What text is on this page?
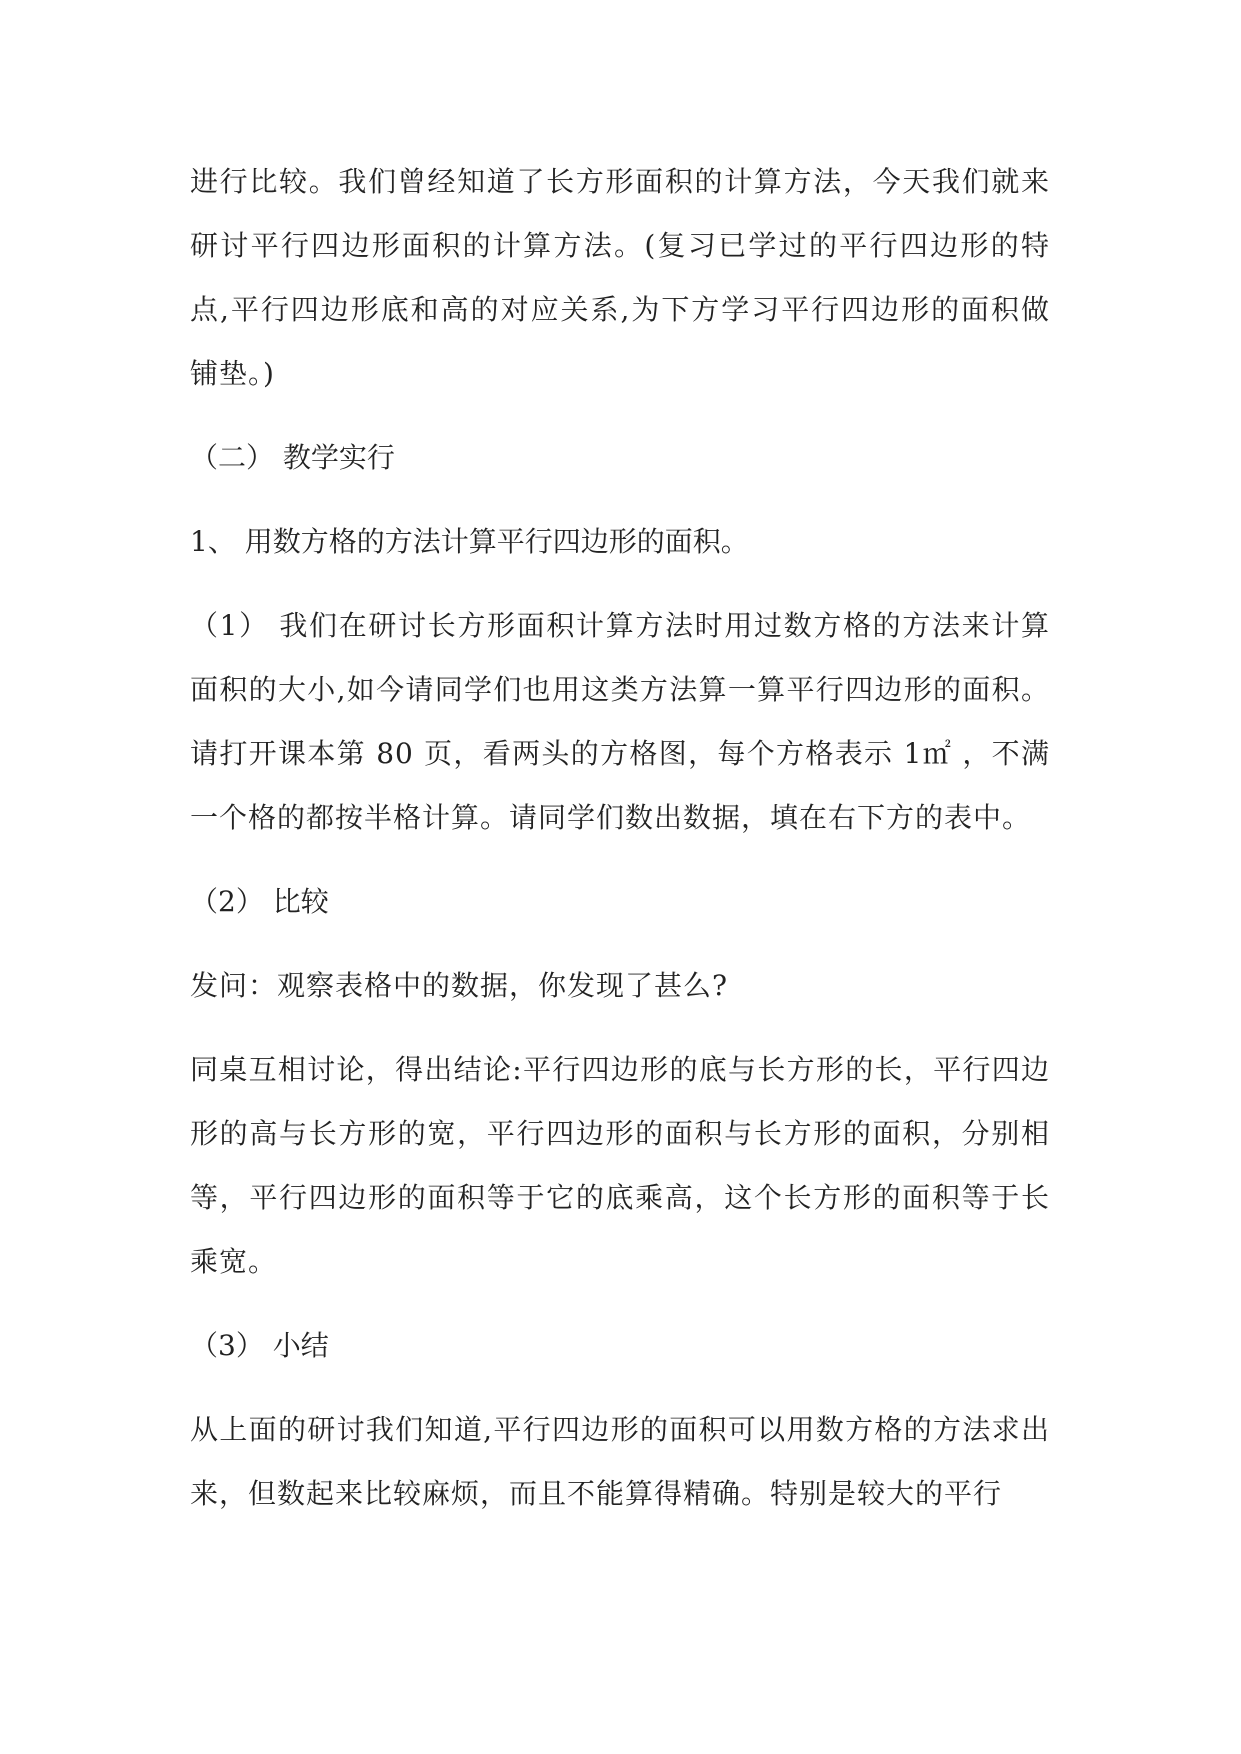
进行比较。我们曾经知道了长方形面积的计算方法，今天我们就来研讨平行四边形面积的计算方法。(复习已学过的平行四边形的特点,平行四边形底和高的对应关系,为下方学习平行四边形的面积做铺垫。)

（二） 教学实行

1、 用数方格的方法计算平行四边形的面积。

（1） 我们在研讨长方形面积计算方法时用过数方格的方法来计算面积的大小,如今请同学们也用这类方法算一算平行四边形的面积。请打开课本第 80 页，看两头的方格图，每个方格表示 1㎡ ，不满一个格的都按半格计算。请同学们数出数据，填在右下方的表中。

（2） 比较

发问：观察表格中的数据，你发现了甚么?

同桌互相讨论，得出结论:平行四边形的底与长方形的长，平行四边形的高与长方形的宽，平行四边形的面积与长方形的面积，分别相等，平行四边形的面积等于它的底乘高，这个长方形的面积等于长乘宽。

（3） 小结

从上面的研讨我们知道,平行四边形的面积可以用数方格的方法求出来，但数起来比较麻烦，而且不能算得精确。特别是较大的平行
